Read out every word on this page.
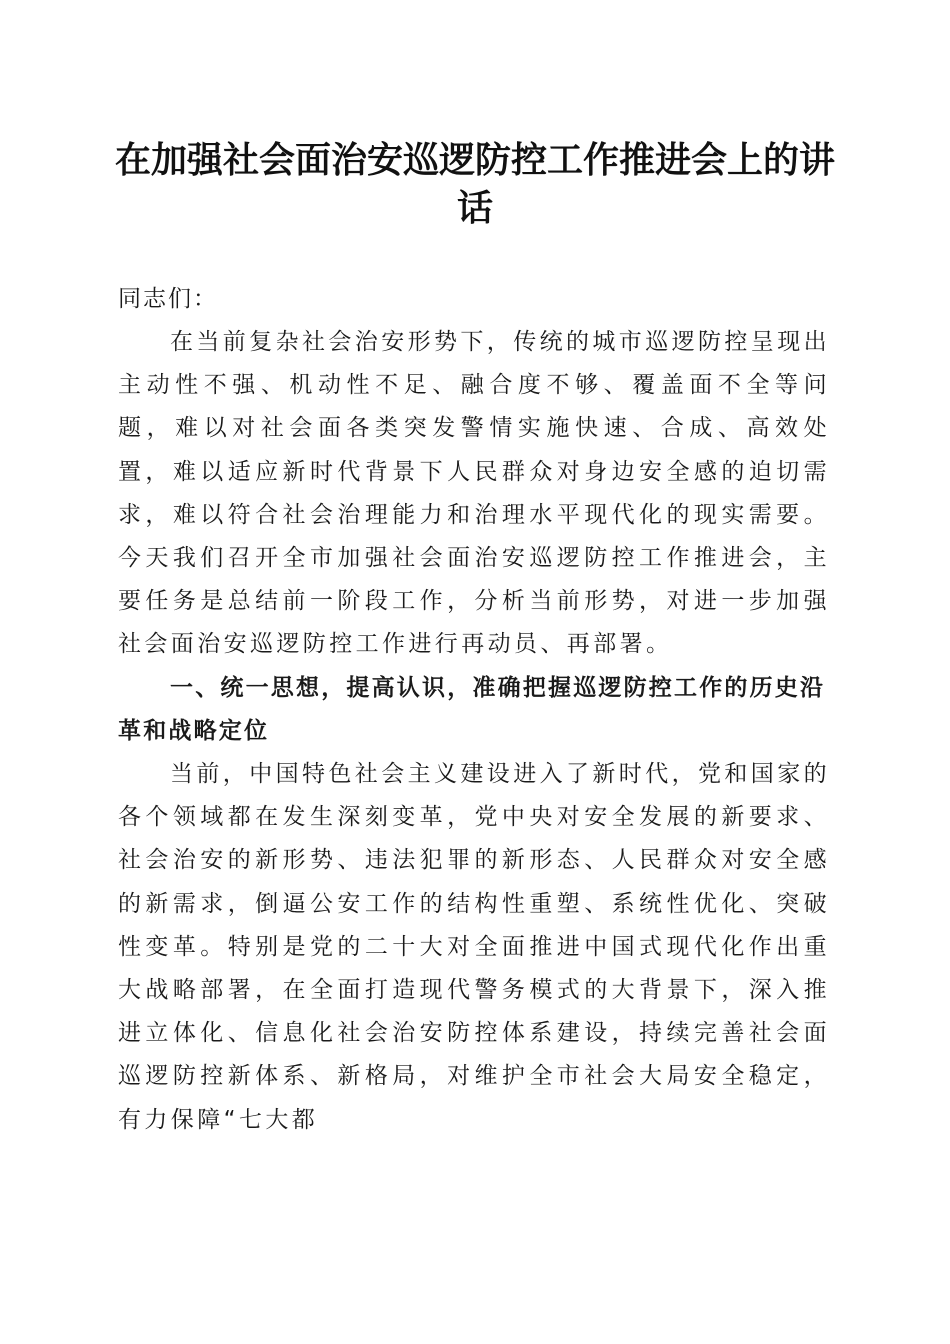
在加强社会面治安巡逻防控工作推进会上的讲话

同志们：

在当前复杂社会治安形势下，传统的城市巡逻防控呈现出主动性不强、机动性不足、融合度不够、覆盖面不全等问题，难以对社会面各类突发警情实施快速、合成、高效处置，难以适应新时代背景下人民群众对身边安全感的迫切需求，难以符合社会治理能力和治理水平现代化的现实需要。今天我们召开全市加强社会面治安巡逻防控工作推进会，主要任务是总结前一阶段工作，分析当前形势，对进一步加强社会面治安巡逻防控工作进行再动员、再部署。

一、统一思想，提高认识，准确把握巡逻防控工作的历史沿革和战略定位

当前，中国特色社会主义建设进入了新时代，党和国家的各个领域都在发生深刻变革，党中央对安全发展的新要求、社会治安的新形势、违法犯罪的新形态、人民群众对安全感的新需求，倒逼公安工作的结构性重塑、系统性优化、突破性变革。特别是党的二十大对全面推进中国式现代化作出重大战略部署，在全面打造现代警务模式的大背景下，深入推进立体化、信息化社会治安防控体系建设，持续完善社会面巡逻防控新体系、新格局，对维护全市社会大局安全稳定，有力保障“七大都
